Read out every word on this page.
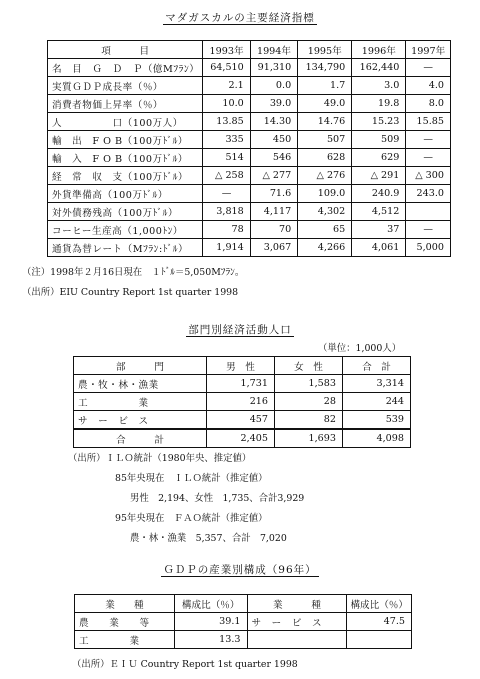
マダガスカルの主要経済指標
項　　　目	1993年	1994年	1995年	1996年	1997年
名　目　Ｇ　Ｄ　Ｐ（億Mﾌﾗﾝ）	64,510	91,310	134,790	162,440	—
実質ＧＤＰ成長率（％）	2.1	0.0	1.7	3.0	4.0
消費者物価上昇率（％）	10.0	39.0	49.0	19.8	8.0
人　　　　　口（100万人）	13.85	14.30	14.76	15.23	15.85
輸　出　F O B（100万ﾄﾞﾙ）	335	450	507	509	—
輸　入　F O B（100万ﾄﾞﾙ）	514	546	628	629	—
経　常　収　支（100万ﾄﾞﾙ）	△ 258	△ 277	△ 276	△ 291	△ 300
外貨準備高（100万ﾄﾞﾙ）	—	71.6	109.0	240.9	243.0
対外債務残高（100万ﾄﾞﾙ）	3,818	4,117	4,302	4,512	
コーヒー生産高（1,000ﾄﾝ）	78	70	65	37	—
通貨為替レート（Mﾌﾗﾝ:ﾄﾞﾙ）	1,914	3,067	4,266	4,061	5,000
（注）1998年２月16日現在　１ﾄﾞﾙ＝5,050Mﾌﾗﾝ。
（出所）EIU Country Report 1st quarter 1998
部門別経済活動人口
（単位：1,000人）
部　　　門	男　性	女　性	合　計
農・牧・林・漁業	1,731	1,583	3,314
工　　　　　業	216	28	244
サ　ー　ビ　ス	457	82	539
合　　　計	2,405	1,693	4,098
（出所）ＩＬＯ統計（1980年央、推定値）
85年央現在　ＩＬＯ統計（推定値）
男性　2,194、女性　1,735、合計3,929
95年央現在　ＦＡＯ統計（推定値）
農・林・漁業　5,357、合計　7,020
ＧＤＰの産業別構成（96年）
業　　種	構成比（％）	業　　　種	構成比（％）
農　　業　　等	39.1	サ　ー　ビ　ス	47.5
工　　　　業	13.3		
（出所）ＥＩＵ Country Report 1st quarter 1998
